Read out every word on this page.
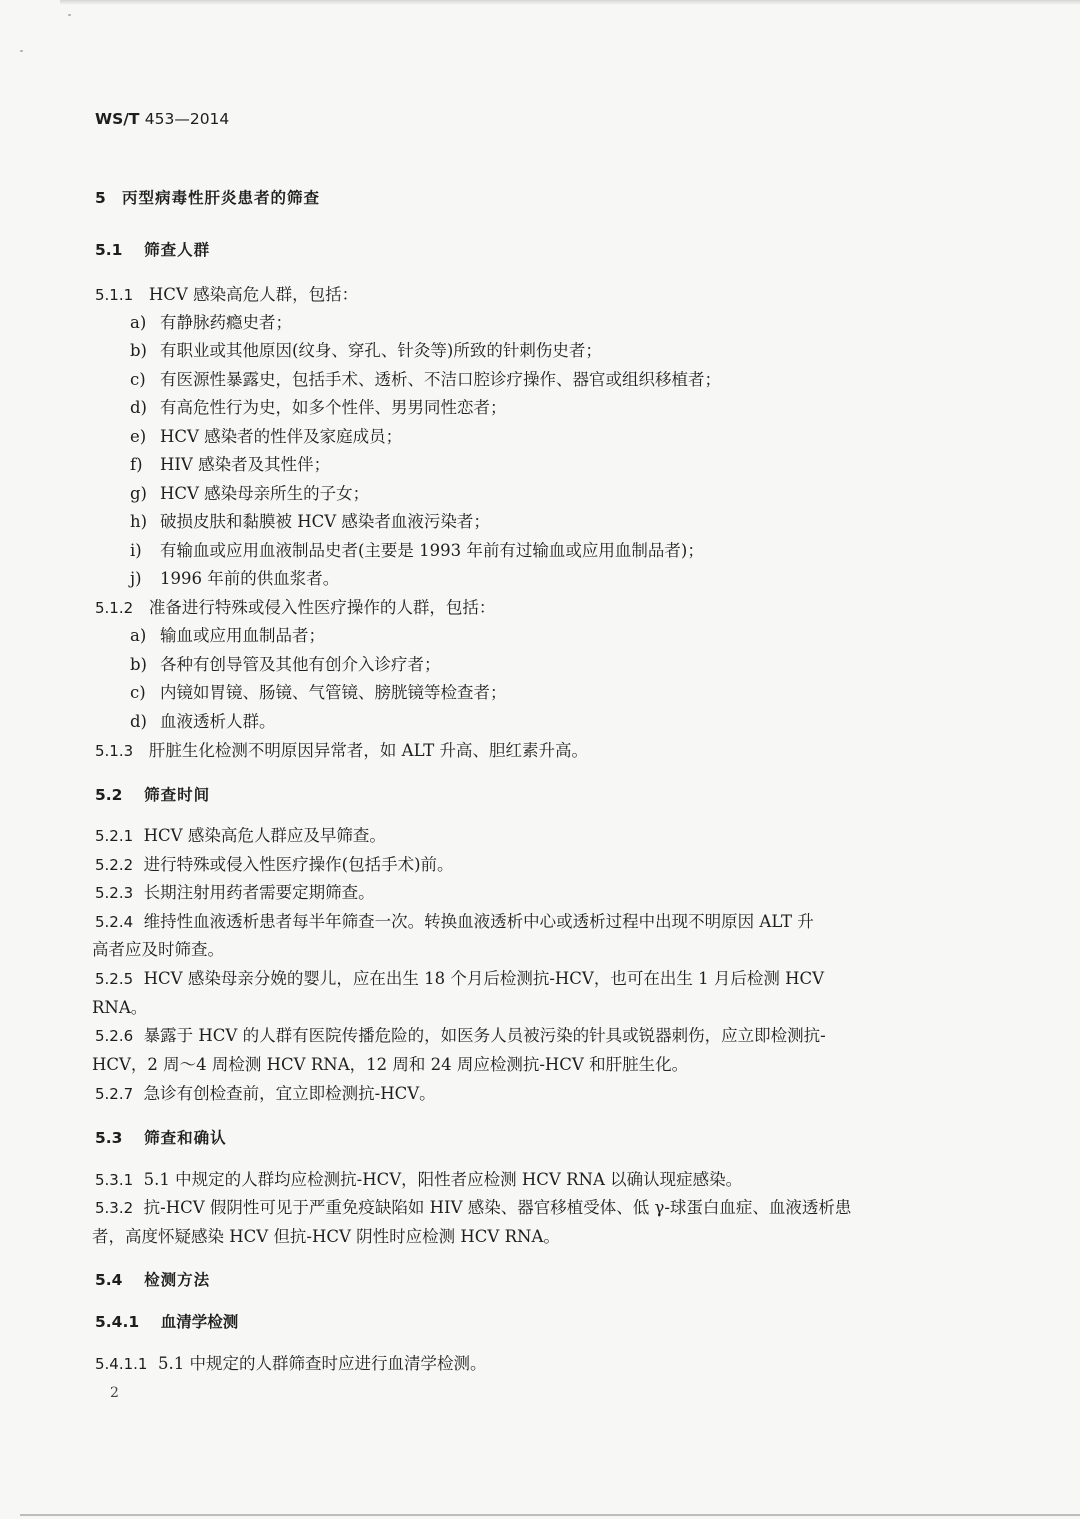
WS/T 453—2014
5 丙型病毒性肝炎患者的筛查
5.1 筛查人群
5.1.1 HCV 感染高危人群，包括：
a) 有静脉药瘾史者；
b) 有职业或其他原因(纹身、穿孔、针灸等)所致的针刺伤史者；
c) 有医源性暴露史，包括手术、透析、不洁口腔诊疗操作、器官或组织移植者；
d) 有高危性行为史，如多个性伴、男男同性恋者；
e) HCV 感染者的性伴及家庭成员；
f) HIV 感染者及其性伴；
g) HCV 感染母亲所生的子女；
h) 破损皮肤和黏膜被 HCV 感染者血液污染者；
i) 有输血或应用血液制品史者(主要是 1993 年前有过输血或应用血制品者)；
j) 1996 年前的供血浆者。
5.1.2 准备进行特殊或侵入性医疗操作的人群，包括：
a) 输血或应用血制品者；
b) 各种有创导管及其他有创介入诊疗者；
c) 内镜如胃镜、肠镜、气管镜、膀胱镜等检查者；
d) 血液透析人群。
5.1.3 肝脏生化检测不明原因异常者，如 ALT 升高、胆红素升高。
5.2 筛查时间
5.2.1 HCV 感染高危人群应及早筛查。
5.2.2 进行特殊或侵入性医疗操作(包括手术)前。
5.2.3 长期注射用药者需要定期筛查。
5.2.4 维持性血液透析患者每半年筛查一次。转换血液透析中心或透析过程中出现不明原因 ALT 升
高者应及时筛查。
5.2.5 HCV 感染母亲分娩的婴儿，应在出生 18 个月后检测抗-HCV，也可在出生 1 月后检测 HCV
RNA。
5.2.6 暴露于 HCV 的人群有医院传播危险的，如医务人员被污染的针具或锐器刺伤，应立即检测抗-
HCV，2 周～4 周检测 HCV RNA，12 周和 24 周应检测抗-HCV 和肝脏生化。
5.2.7 急诊有创检查前，宜立即检测抗-HCV。
5.3 筛查和确认
5.3.1 5.1 中规定的人群均应检测抗-HCV，阳性者应检测 HCV RNA 以确认现症感染。
5.3.2 抗-HCV 假阴性可见于严重免疫缺陷如 HIV 感染、器官移植受体、低 γ-球蛋白血症、血液透析患
者，高度怀疑感染 HCV 但抗-HCV 阴性时应检测 HCV RNA。
5.4 检测方法
5.4.1 血清学检测
5.4.1.1 5.1 中规定的人群筛查时应进行血清学检测。
2
